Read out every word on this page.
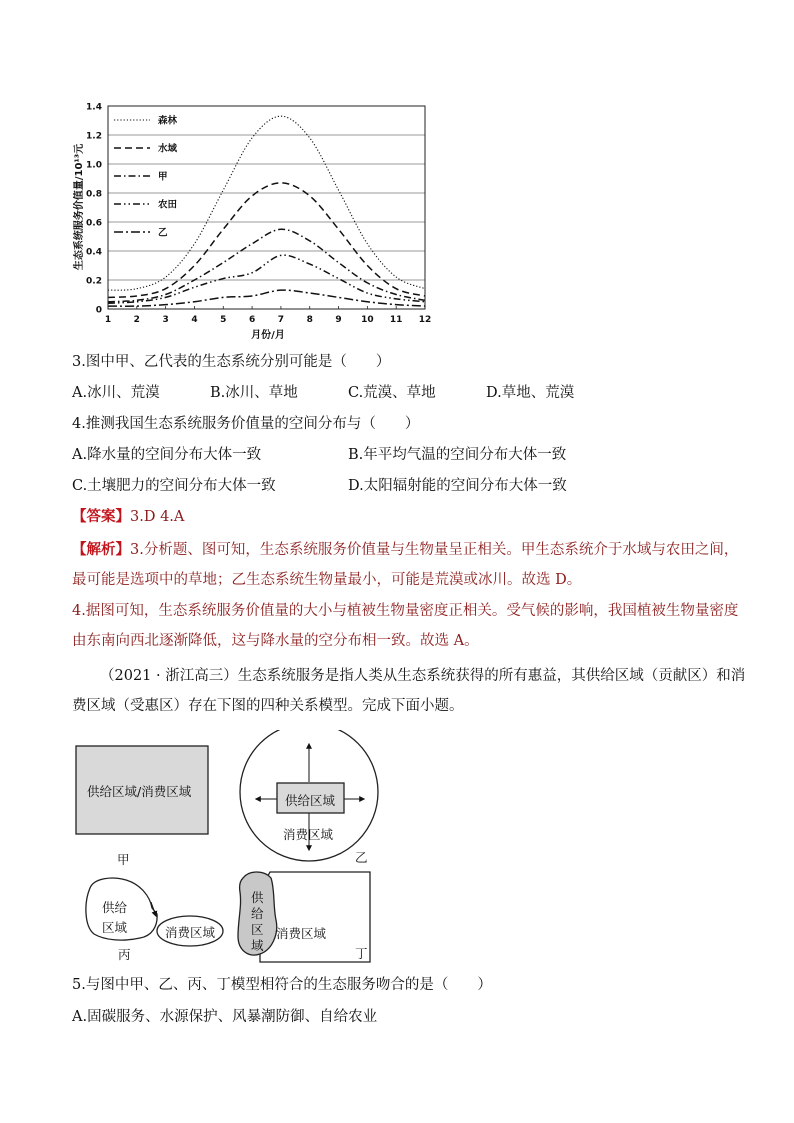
0
0.2
0.4
0.6
0.8
1.0
1.2
1.4
1	2	3	4	5	6	7	8	9 10 11 12
森林
水域
甲
农田
乙
生态系统服务价值量/10¹³元
月份/月
3.图中甲、乙代表的生态系统分别可能是（　　）
A.冰川、荒漠	B.冰川、草地	C.荒漠、草地	D.草地、荒漠
4.推测我国生态系统服务价值量的空间分布与（　　）
A.降水量的空间分布大体一致	B.年平均气温的空间分布大体一致
C.土壤肥力的空间分布大体一致	D.太阳辐射能的空间分布大体一致
【答案】3.D 4.A
【解析】3.分析题、图可知，生态系统服务价值量与生物量呈正相关。甲生态系统介于水域与农田之间，
最可能是选项中的草地；乙生态系统生物量最小，可能是荒漠或冰川。故选 D。
4.据图可知，生态系统服务价值量的大小与植被生物量密度正相关。受气候的影响，我国植被生物量密度
由东南向西北逐渐降低，这与降水量的空分布相一致。故选 A。
（2021 · 浙江高三）生态系统服务是指人类从生态系统获得的所有惠益，其供给区域（贡献区）和消
费区域（受惠区）存在下图的四种关系模型。完成下面小题。
供给区域/消费区域
甲
供给区域
消费区域
乙
供给
区域	消费区域
丙
供
给
区
域
消费区域
丁
5.与图中甲、乙、丙、丁模型相符合的生态服务吻合的是（　　）
A.固碳服务、水源保护、风暴潮防御、自给农业
